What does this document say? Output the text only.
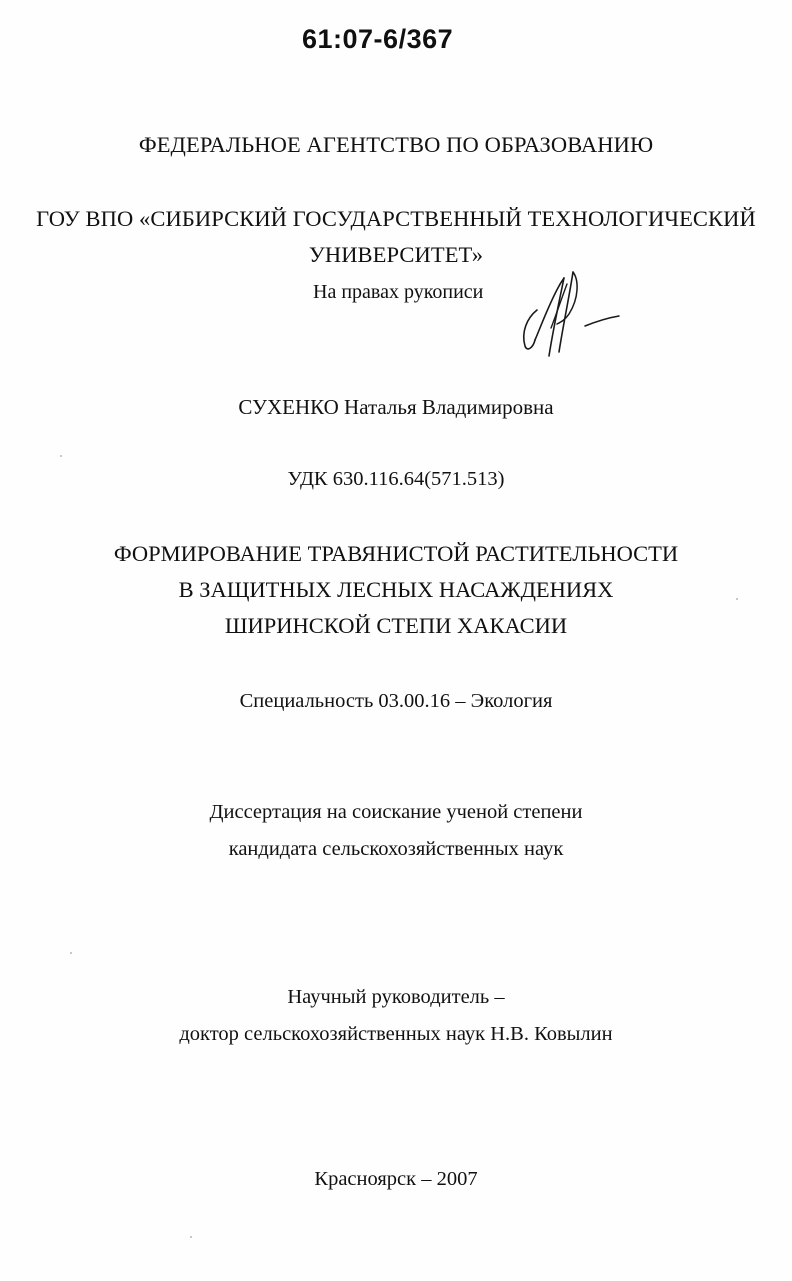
61:07-6/367
ФЕДЕРАЛЬНОЕ АГЕНТСТВО ПО ОБРАЗОВАНИЮ
ГОУ ВПО «СИБИРСКИЙ ГОСУДАРСТВЕННЫЙ ТЕХНОЛОГИЧЕСКИЙ
УНИВЕРСИТЕТ»
На правах рукописи
СУХЕНКО Наталья Владимировна
УДК 630.116.64(571.513)
ФОРМИРОВАНИЕ ТРАВЯНИСТОЙ РАСТИТЕЛЬНОСТИ
В ЗАЩИТНЫХ ЛЕСНЫХ НАСАЖДЕНИЯХ
ШИРИНСКОЙ СТЕПИ ХАКАСИИ
Специальность 03.00.16 – Экология
Диссертация на соискание ученой степени
кандидата сельскохозяйственных наук
Научный руководитель –
доктор сельскохозяйственных наук Н.В. Ковылин
Красноярск – 2007
